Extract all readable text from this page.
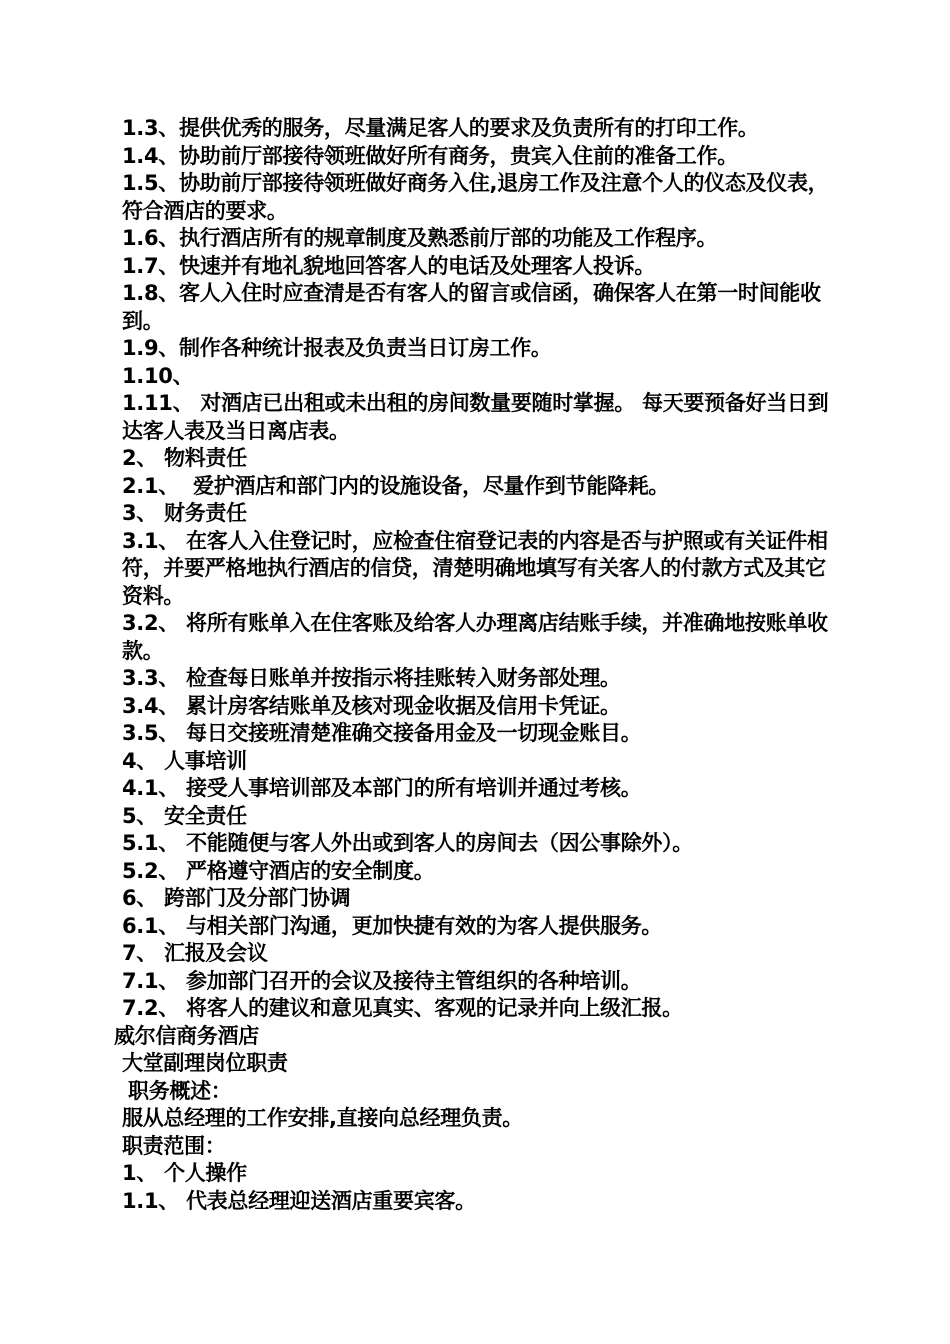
1.3、提供优秀的服务，尽量满足客人的要求及负责所有的打印工作。
1.4、协助前厅部接待领班做好所有商务，贵宾入住前的准备工作。
1.5、协助前厅部接待领班做好商务入住,退房工作及注意个人的仪态及仪表，符合酒店的要求。
1.6、执行酒店所有的规章制度及熟悉前厅部的功能及工作程序。
1.7、快速并有地礼貌地回答客人的电话及处理客人投诉。
1.8、客人入住时应查清是否有客人的留言或信函，确保客人在第一时间能收到。
1.9、制作各种统计报表及负责当日订房工作。
1.10、
1.11、 对酒店已出租或未出租的房间数量要随时掌握。 每天要预备好当日到达客人表及当日离店表。
2、 物料责任
2.1、  爱护酒店和部门内的设施设备，尽量作到节能降耗。
3、 财务责任
3.1、 在客人入住登记时，应检查住宿登记表的内容是否与护照或有关证件相符，并要严格地执行酒店的信贷，清楚明确地填写有关客人的付款方式及其它资料。
3.2、 将所有账单入在住客账及给客人办理离店结账手续，并准确地按账单收款。
3.3、 检查每日账单并按指示将挂账转入财务部处理。
3.4、 累计房客结账单及核对现金收据及信用卡凭证。
3.5、 每日交接班清楚准确交接备用金及一切现金账目。
4、 人事培训
4.1、 接受人事培训部及本部门的所有培训并通过考核。
5、 安全责任
5.1、 不能随便与客人外出或到客人的房间去（因公事除外）。
5.2、 严格遵守酒店的安全制度。
6、 跨部门及分部门协调
6.1、 与相关部门沟通，更加快捷有效的为客人提供服务。
7、 汇报及会议
7.1、 参加部门召开的会议及接待主管组织的各种培训。
7.2、 将客人的建议和意见真实、客观的记录并向上级汇报。
威尔信商务酒店
大堂副理岗位职责
职务概述：
服从总经理的工作安排,直接向总经理负责。
职责范围：
1、 个人操作
1.1、 代表总经理迎送酒店重要宾客。
